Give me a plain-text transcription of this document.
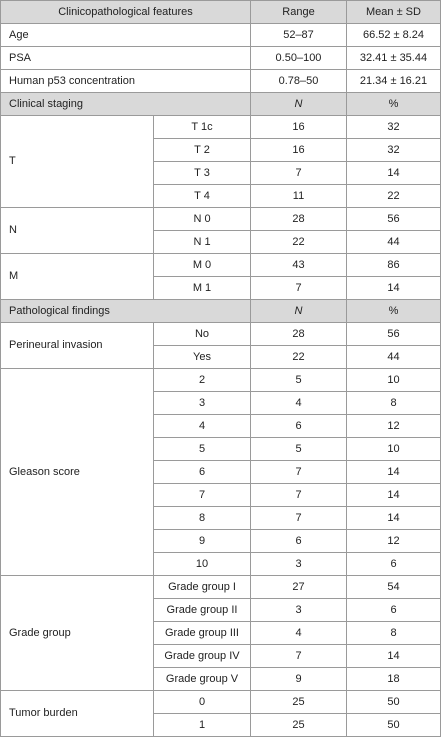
Clinicopathological features		Range	Mean ± SD
Age		52–87	66.52 ± 8.24
PSA		0.50–100	32.41 ± 35.44
Human p53 concentration		0.78–50	21.34 ± 16.21
Clinical staging		N	%
T	T 1c	16	32
	T 2	16	32
	T 3	7	14
	T 4	11	22
N	N 0	28	56
	N 1	22	44
M	M 0	43	86
	M 1	7	14
Pathological findings		N	%
Perineural invasion	No	28	56
	Yes	22	44
Gleason score	2	5	10
	3	4	8
	4	6	12
	5	5	10
	6	7	14
	7	7	14
	8	7	14
	9	6	12
	10	3	6
Grade group	Grade group I	27	54
	Grade group II	3	6
	Grade group III	4	8
	Grade group IV	7	14
	Grade group V	9	18
Tumor burden	0	25	50
	1	25	50
